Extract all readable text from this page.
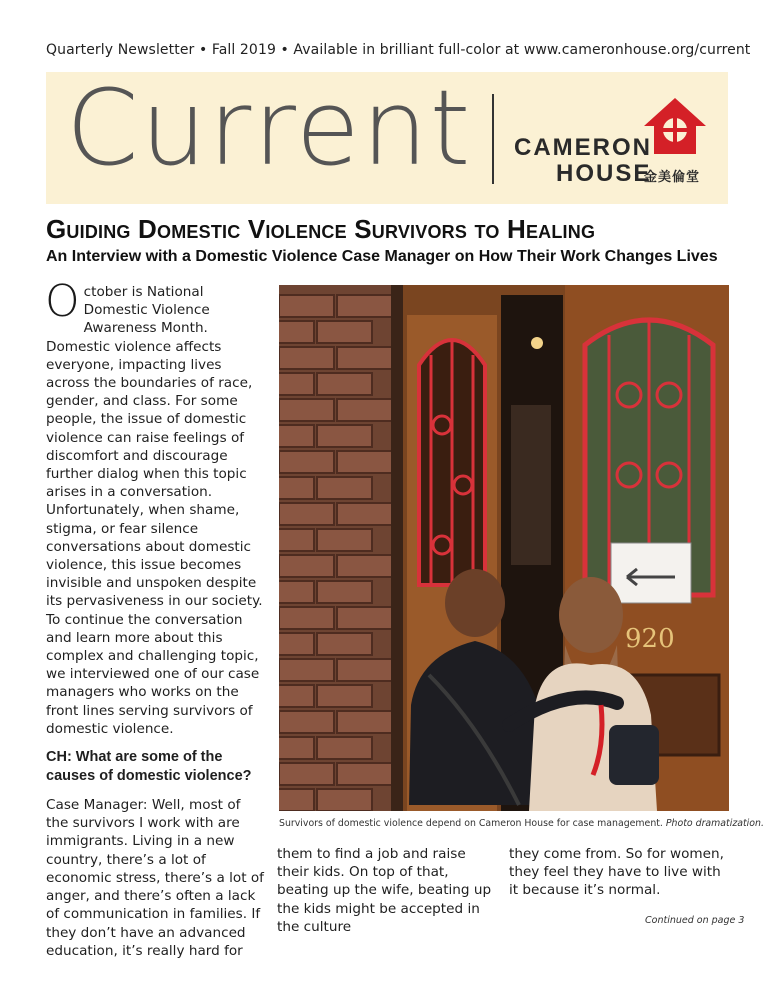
Quarterly Newsletter • Fall 2019 • Available in brilliant full-color at www.cameronhouse.org/current
Current CAMERON
HOUSE
金美倫堂
Guiding Domestic Violence Survivors to Healing
An Interview with a Domestic Violence Case Manager on How Their Work Changes Lives

October is National Domestic Violence Awareness Month. Domestic violence affects everyone, impacting lives across the boundaries of race, gender, and class. For some people, the issue of domestic violence can raise feelings of discomfort and discourage further dialog when this topic arises in a conversation. Unfortunately, when shame, stigma, or fear silence conversations about domestic violence, this issue becomes invisible and unspoken despite its pervasiveness in our society. To continue the conversation and learn more about this complex and challenging topic, we interviewed one of our case managers who works on the front lines serving survivors of domestic violence.

CH: What are some of the causes of domestic violence?

Case Manager: Well, most of the survivors I work with are immigrants. Living in a new country, there’s a lot of economic stress, there’s a lot of anger, and there’s often a lack of communication in families. If they don’t have an advanced education, it’s really hard for

920
Survivors of domestic violence depend on Cameron House for case management. Photo dramatization.

them to find a job and raise their kids. On top of that, beating up the wife, beating up the kids might be accepted in the culture

they come from. So for women, they feel they have to live with it because it’s normal.

Continued on page 3
